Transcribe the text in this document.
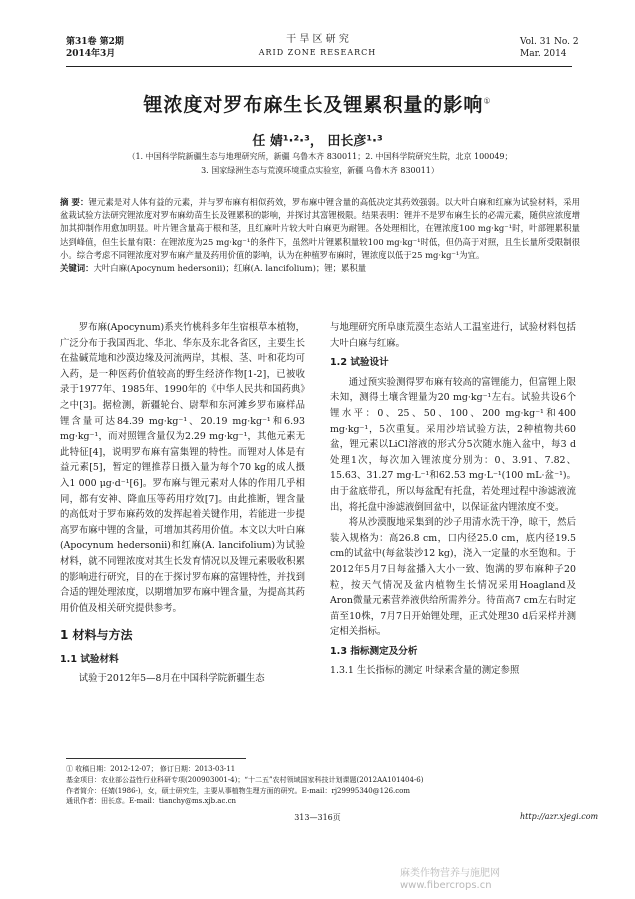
第31卷 第2期
2014年3月
干 旱 区 研 究
ARID ZONE RESEARCH
Vol. 31 No. 2
Mar. 2014
锂浓度对罗布麻生长及锂累积量的影响①
任 婧¹·²·³， 田长彦¹·³
（1. 中国科学院新疆生态与地理研究所，新疆 乌鲁木齐 830011；2. 中国科学院研究生院，北京 100049；
3. 国家绿洲生态与荒漠环境重点实验室，新疆 乌鲁木齐 830011）
摘 要：锂元素是对人体有益的元素，并与罗布麻有相似药效，罗布麻中锂含量的高低决定其药效强弱。以大叶白麻和红麻为试验材料，采用盆栽试验方法研究锂浓度对罗布麻幼苗生长及锂累积的影响，并探讨其富锂极限。结果表明：锂并不是罗布麻生长的必需元素，随供应浓度增加其抑制作用愈加明显。叶片锂含量高于根和茎，且红麻叶片较大叶白麻更为耐锂。各处理相比，在锂浓度100 mg·kg⁻¹时，叶部锂累积量达到峰值，但生长量有限：在锂浓度为25 mg·kg⁻¹的条件下，虽然叶片锂累积量较100 mg·kg⁻¹时低，但仍高于对照，且生长量所受限制很小。综合考虑不同锂浓度对罗布麻产量及药用价值的影响，认为在种植罗布麻时，锂浓度以低于25 mg·kg⁻¹为宜。
关键词：大叶白麻(Apocynum hedersonii)；红麻(A. lancifolium)；锂；累积量

罗布麻(Apocynum)系夹竹桃科多年生宿根草本植物，广泛分布于我国西北、华北、华东及东北各省区，主要生长在盐碱荒地和沙漠边缘及河流两岸，其根、茎、叶和花均可入药，是一种医药价值较高的野生经济作物[1-2]，已被收录于1977年、1985年、1990年的《中华人民共和国药典》之中[3]。据检测，新疆轮台、尉犁和东河滩乡罗布麻样品锂含量可达84.39 mg·kg⁻¹、20.19 mg·kg⁻¹和6.93 mg·kg⁻¹，而对照锂含量仅为2.29 mg·kg⁻¹，其他元素无此特征[4]，说明罗布麻有富集锂的特性。而锂对人体是有益元素[5]，暂定的锂推荐日摄入量为每个70 kg的成人摄入1 000 μg·d⁻¹[6]。罗布麻与锂元素对人体的作用几乎相同，都有安神、降血压等药用疗效[7]。由此推断，锂含量的高低对于罗布麻药效的发挥起着关键作用，若能进一步提高罗布麻中锂的含量，可增加其药用价值。本文以大叶白麻(Apocynum hedersonii)和红麻(A. lancifolium)为试验材料，就不同锂浓度对其生长发育情况以及锂元素吸收积累的影响进行研究，目的在于探讨罗布麻的富锂特性，并找到合适的锂处理浓度，以期增加罗布麻中锂含量，为提高其药用价值及相关研究提供参考。

1 材料与方法
1.1 试验材料

试验于2012年5—8月在中国科学院新疆生态

与地理研究所阜康荒漠生态站人工温室进行，试验材料包括大叶白麻与红麻。

1.2 试验设计

通过预实验测得罗布麻有较高的富锂能力，但富锂上限未知，测得土壤含锂量为20 mg·kg⁻¹左右。试验共设6个锂水平：0、25、50、100、200 mg·kg⁻¹和400 mg·kg⁻¹，5次重复。采用沙培试验方法，2种植物共60盆，锂元素以LiCl溶液的形式分5次随水施入盆中，每3 d处理1次，每次加入锂浓度分别为：0、3.91、7.82、15.63、31.27 mg·L⁻¹和62.53 mg·L⁻¹(100 mL·盆⁻¹)。由于盆底带孔，所以每盆配有托盘，若处理过程中渗滤液流出，将托盘中渗滤液倒回盆中，以保证盆内锂浓度不变。

将从沙漠腹地采集到的沙子用清水洗干净，晾干，然后装入规格为：高26.8 cm，口内径25.0 cm，底内径19.5 cm的试盆中(每盆装沙12 kg)，浇入一定量的水至饱和。于2012年5月7日每盆播入大小一致、饱满的罗布麻种子20粒，按天气情况及盆内植物生长情况采用Hoagland及Aron微量元素营养液供给所需养分。待苗高7 cm左右时定苗至10株，7月7日开始锂处理，正式处理30 d后采样并测定相关指标。

1.3 指标测定及分析
1.3.1 生长指标的测定 叶绿素含量的测定参照
① 收稿日期：2012-12-07； 修订日期：2013-03-11
基金项目：农业部公益性行业科研专项(200903001-4)；“十二五”农村领域国家科技计划课题(2012AA101404-6)
作者简介：任婧(1986-)，女，硕士研究生，主要从事植物生理方面的研究。E-mail：rj29995340@126.com
通讯作者：田长彦。E-mail：tianchy@ms.xjb.ac.cn
313—316页	http://azr.xjegi.com
麻类作物营养与施肥网
www.fibercrops.cn
